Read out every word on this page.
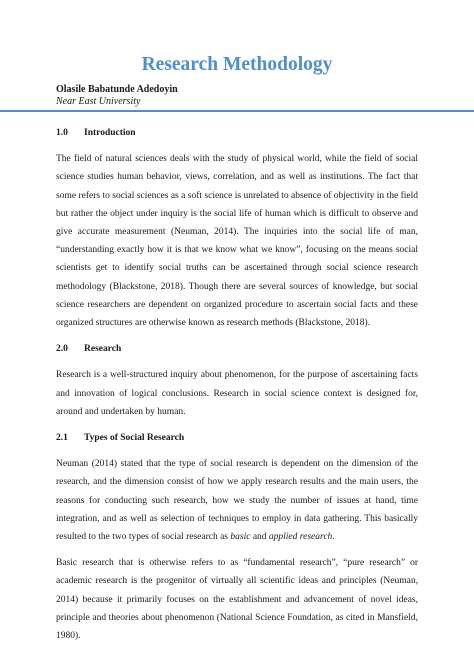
Research Methodology
Olasile Babatunde Adedoyin
Near East University
1.0 Introduction

The field of natural sciences deals with the study of physical world, while the field of social science studies human behavior, views, correlation, and as well as institutions. The fact that some refers to social sciences as a soft science is unrelated to absence of objectivity in the field but rather the object under inquiry is the social life of human which is difficult to observe and give accurate measurement (Neuman, 2014). The inquiries into the social life of man, “understanding exactly how it is that we know what we know”, focusing on the means social scientists get to identify social truths can be ascertained through social science research methodology (Blackstone, 2018). Though there are several sources of knowledge, but social science researchers are dependent on organized procedure to ascertain social facts and these organized structures are otherwise known as research methods (Blackstone, 2018).

2.0 Research

Research is a well-structured inquiry about phenomenon, for the purpose of ascertaining facts and innovation of logical conclusions. Research in social science context is designed for, around and undertaken by human.

2.1 Types of Social Research

Neuman (2014) stated that the type of social research is dependent on the dimension of the research, and the dimension consist of how we apply research results and the main users, the reasons for conducting such research, how we study the number of issues at hand, time integration, and as well as selection of techniques to employ in data gathering. This basically resulted to the two types of social research as basic and applied research.

Basic research that is otherwise refers to as “fundamental research”, “pure research” or academic research is the progenitor of virtually all scientific ideas and principles (Neuman, 2014) because it primarily focuses on the establishment and advancement of novel ideas, principle and theories about phenomenon (National Science Foundation, as cited in Mansfield, 1980).
